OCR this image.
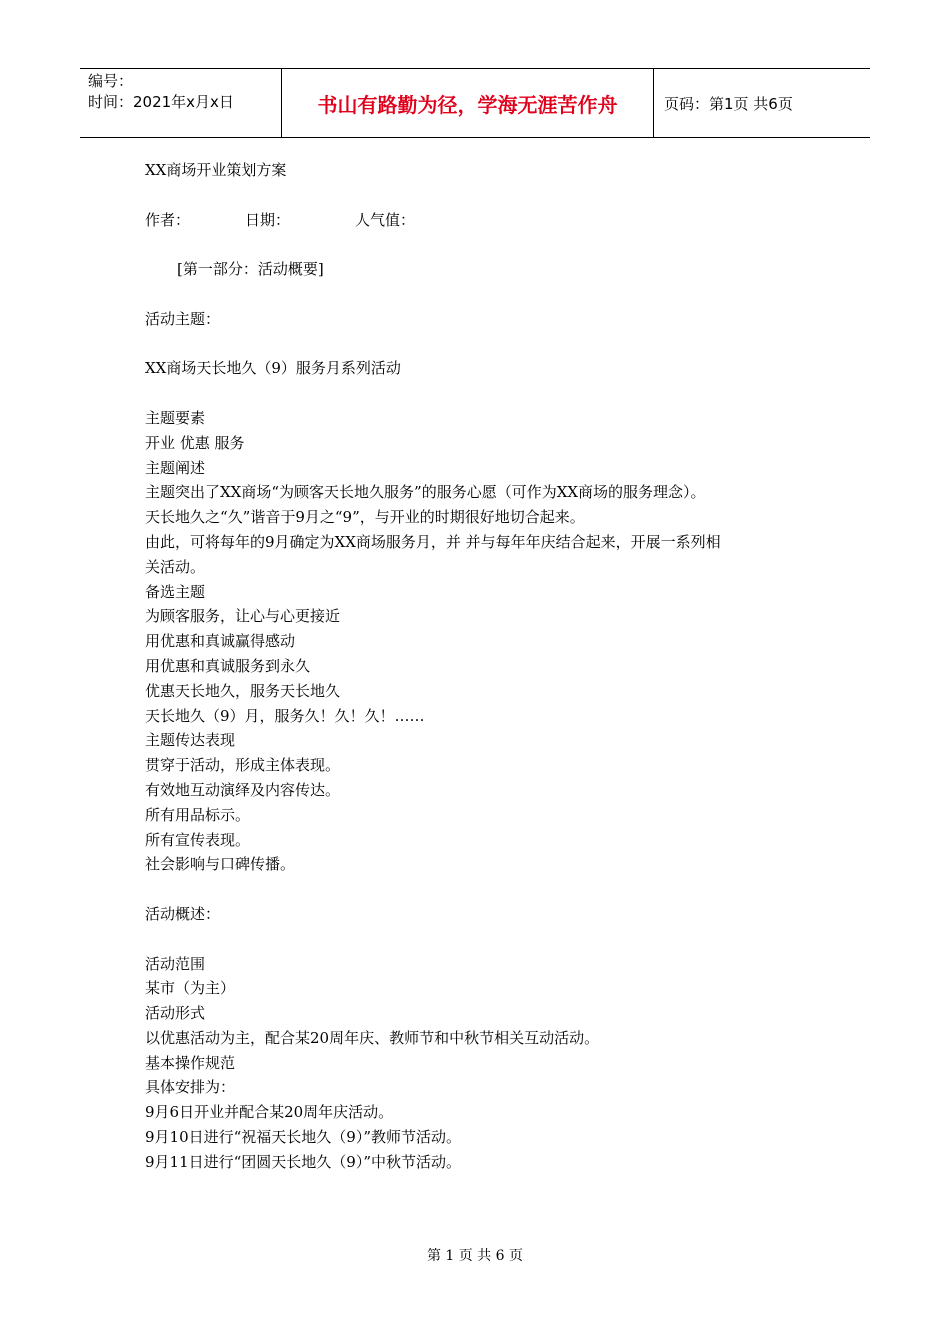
编号：
时间：2021年x月x日	书山有路勤为径，学海无涯苦作舟	页码：第1页 共6页
XX商场开业策划方案
作者：	日期：	人气值：
[第一部分：活动概要]
活动主题：
XX商场天长地久（9）服务月系列活动
主题要素
开业 优惠 服务
主题阐述
主题突出了XX商场“为顾客天长地久服务”的服务心愿（可作为XX商场的服务理念）。
天长地久之“久”谐音于9月之“9”，与开业的时期很好地切合起来。
由此，可将每年的9月确定为XX商场服务月，并 并与每年年庆结合起来，开展一系列相
关活动。
备选主题
为顾客服务，让心与心更接近
用优惠和真诚赢得感动
用优惠和真诚服务到永久
优惠天长地久，服务天长地久
天长地久（9）月，服务久！久！久！……
主题传达表现
贯穿于活动，形成主体表现。
有效地互动演绎及内容传达。
所有用品标示。
所有宣传表现。
社会影响与口碑传播。
活动概述：
活动范围
某市（为主）
活动形式
以优惠活动为主，配合某20周年庆、教师节和中秋节相关互动活动。
基本操作规范
具体安排为：
9月6日开业并配合某20周年庆活动。
9月10日进行“祝福天长地久（9）”教师节活动。
9月11日进行“团圆天长地久（9）”中秋节活动。
第 1 页 共 6 页
